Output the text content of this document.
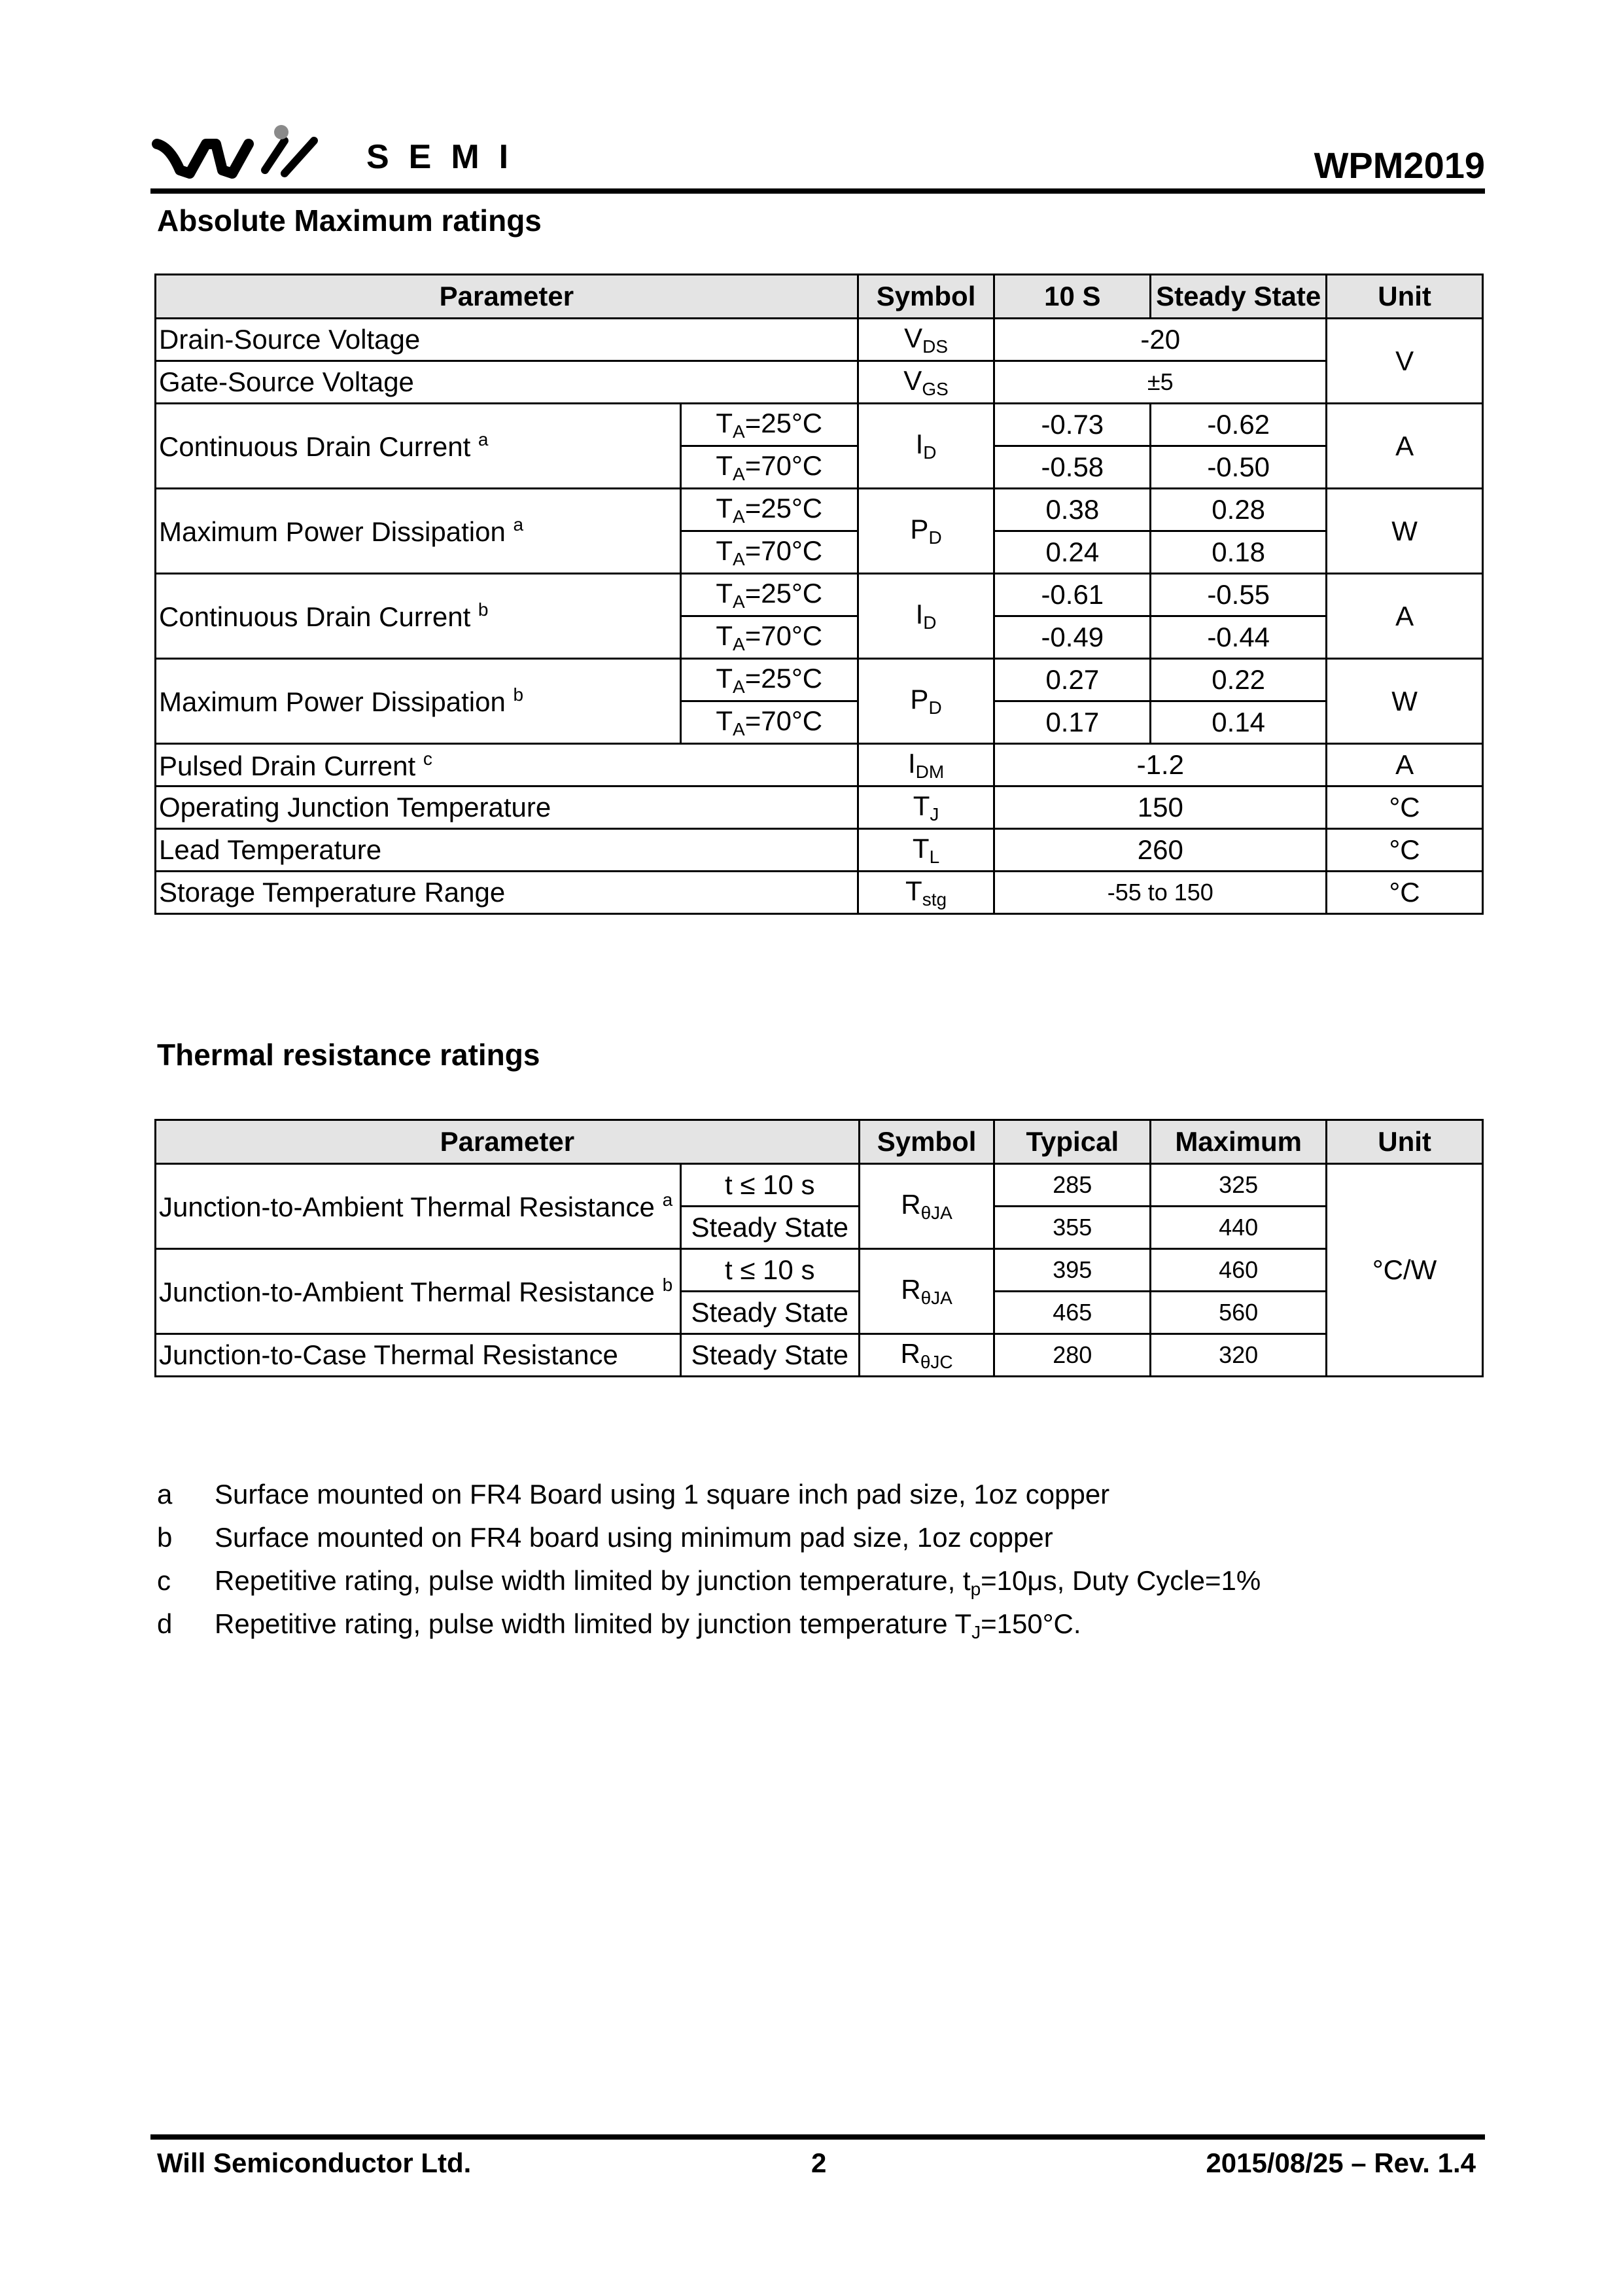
SEMI	WPM2019
Absolute Maximum ratings
Parameter		Symbol	10 S	Steady State	Unit
Drain-Source Voltage		$V_{DS}$	-20		V
Gate-Source Voltage		$V_{GS}$	±5		
Continuous Drain Current $^a$	$T_A=25^\circ C$	$I_D$	-0.73	-0.62	A
	$T_A=70^\circ C$		-0.58	-0.50	
Maximum Power Dissipation $^a$	$T_A=25^\circ C$	$P_D$	0.38	0.28	W
	$T_A=70^\circ C$		0.24	0.18	
Continuous Drain Current $^b$	$T_A=25^\circ C$	$I_D$	-0.61	-0.55	A
	$T_A=70^\circ C$		-0.49	-0.44	
Maximum Power Dissipation $^b$	$T_A=25^\circ C$	$P_D$	0.27	0.22	W
	$T_A=70^\circ C$		0.17	0.14	
Pulsed Drain Current $^c$		$I_{DM}$	-1.2		A
Operating Junction Temperature		$T_J$	150		°C
Lead Temperature		$T_L$	260		°C
Storage Temperature Range		$T_{stg}$	-55 to 150		°C
Thermal resistance ratings
Parameter		Symbol	Typical	Maximum	Unit
Junction-to-Ambient Thermal Resistance $^a$	t ≤ 10 s	$R_{\theta JA}$	285	325	°C/W
	Steady State		355	440	
Junction-to-Ambient Thermal Resistance $^b$	t ≤ 10 s	$R_{\theta JA}$	395	460	
	Steady State		465	560	
Junction-to-Case Thermal Resistance	Steady State	$R_{\theta JC}$	280	320	
a	Surface mounted on FR4 Board using 1 square inch pad size, 1oz copper
b	Surface mounted on FR4 board using minimum pad size, 1oz copper
c	Repetitive rating, pulse width limited by junction temperature, $t_p=10\mu s$, Duty Cycle=1%
d	Repetitive rating, pulse width limited by junction temperature $T_J=150^\circ C$.
Will Semiconductor Ltd.	2	2015/08/25 – Rev. 1.4
